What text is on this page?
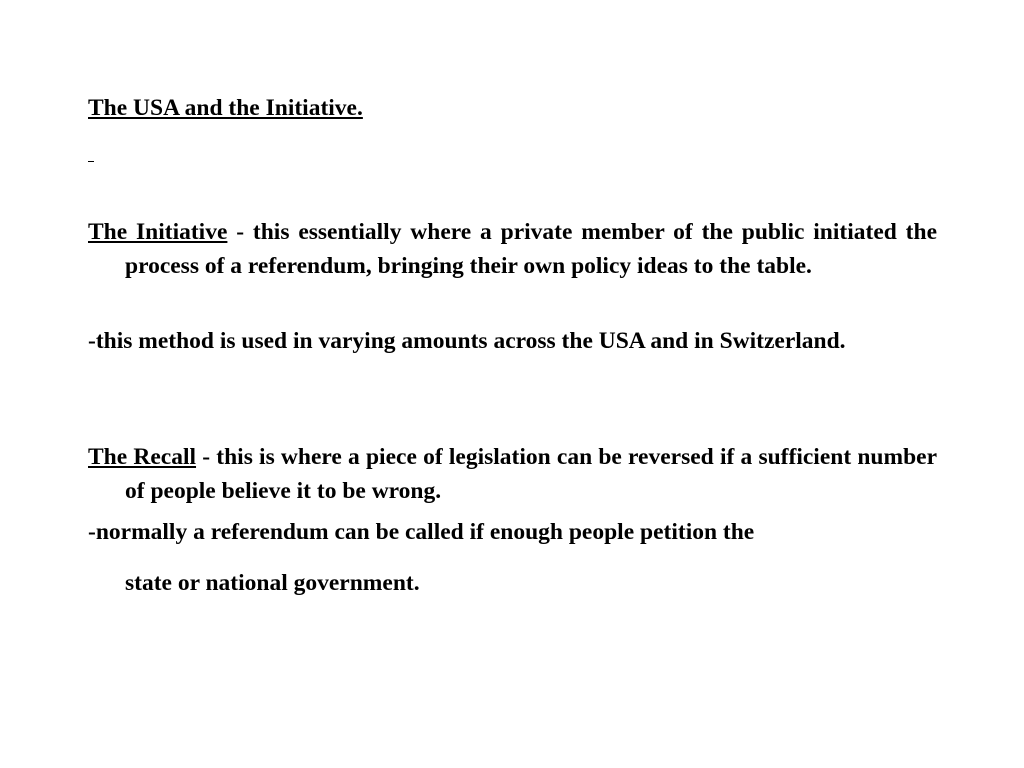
The USA and the Initiative.

The Initiative - this essentially where a private member of the public initiated the process of a referendum, bringing their own policy ideas to the table.

-this method is used in varying amounts across the USA and in Switzerland.

The Recall - this is where a piece of legislation can be reversed if a sufficient number of people believe it to be wrong.

-normally a referendum can be called if enough people petition the

state or national government.
